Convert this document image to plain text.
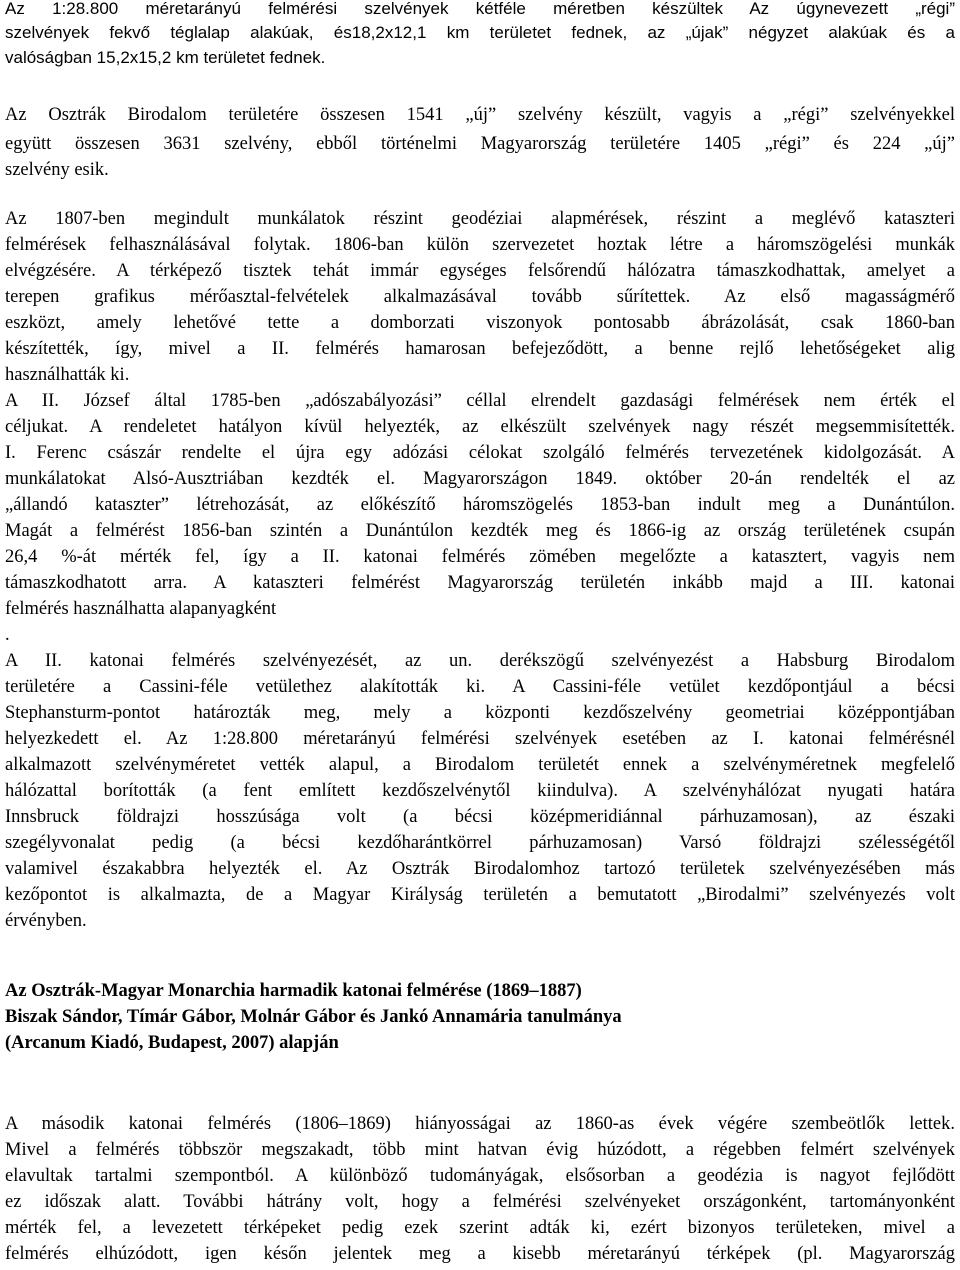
Az 1:28.800 méretarányú felmérési szelvények kétféle méretben készültek Az úgynevezett „régi”
szelvények fekvő téglalap alakúak, és18,2x12,1 km területet fednek, az „újak” négyzet alakúak és a
valóságban 15,2x15,2 km területet fednek.
Az Osztrák Birodalom területére összesen 1541 „új” szelvény készült, vagyis a „régi” szelvényekkel
együtt összesen 3631 szelvény, ebből történelmi Magyarország területére 1405 „régi” és 224 „új”
szelvény esik.
Az 1807-ben megindult munkálatok részint geodéziai alapmérések, részint a meglévő kataszteri
felmérések felhasználásával folytak. 1806-ban külön szervezetet hoztak létre a háromszögelési munkák
elvégzésére. A térképező tisztek tehát immár egységes felsőrendű hálózatra támaszkodhattak, amelyet a
terepen grafikus mérőasztal-felvételek alkalmazásával tovább sűrítettek. Az első magasságmérő
eszközt, amely lehetővé tette a domborzati viszonyok pontosabb ábrázolását, csak 1860-ban
készítették, így, mivel a II. felmérés hamarosan befejeződött, a benne rejlő lehetőségeket alig
használhatták ki.
A II. József által 1785-ben „adószabályozási” céllal elrendelt gazdasági felmérések nem érték el
céljukat. A rendeletet hatályon kívül helyezték, az elkészült szelvények nagy részét megsemmisítették.
I. Ferenc császár rendelte el újra egy adózási célokat szolgáló felmérés tervezetének kidolgozását. A
munkálatokat Alsó-Ausztriában kezdték el. Magyarországon 1849. október 20-án rendelték el az
„állandó kataszter” létrehozását, az előkészítő háromszögelés 1853-ban indult meg a Dunántúlon.
Magát a felmérést 1856-ban szintén a Dunántúlon kezdték meg és 1866-ig az ország területének csupán
26,4 %-át mérték fel, így a II. katonai felmérés zömében megelőzte a katasztert, vagyis nem
támaszkodhatott arra. A kataszteri felmérést Magyarország területén inkább majd a III. katonai
felmérés használhatta alapanyagként
.
A II. katonai felmérés szelvényezését, az un. derékszögű szelvényezést a Habsburg Birodalom
területére a Cassini-féle vetülethez alakították ki. A Cassini-féle vetület kezdőpontjául a bécsi
Stephansturm-pontot határozták meg, mely a központi kezdőszelvény geometriai középpontjában
helyezkedett el. Az 1:28.800 méretarányú felmérési szelvények esetében az I. katonai felmérésnél
alkalmazott szelvényméretet vették alapul, a Birodalom területét ennek a szelvényméretnek megfelelő
hálózattal borították (a fent említett kezdőszelvénytől kiindulva). A szelvényhálózat nyugati határa
Innsbruck földrajzi hosszúsága volt (a bécsi középmeridiánnal párhuzamosan), az északi
szegélyvonalat pedig (a bécsi kezdőharántkörrel párhuzamosan) Varsó földrajzi szélességétől
valamivel északabbra helyezték el. Az Osztrák Birodalomhoz tartozó területek szelvényezésében más
kezőpontot is alkalmazta, de a Magyar Királyság területén a bemutatott „Birodalmi” szelvényezés volt
érvényben.
Az Osztrák-Magyar Monarchia harmadik katonai felmérése (1869–1887)
Biszak Sándor, Tímár Gábor, Molnár Gábor és Jankó Annamária tanulmánya
(Arcanum Kiadó, Budapest, 2007) alapján
A második katonai felmérés (1806–1869) hiányosságai az 1860-as évek végére szembeötlők lettek.
Mivel a felmérés többször megszakadt, több mint hatvan évig húzódott, a régebben felmért szelvények
elavultak tartalmi szempontból. A különböző tudományágak, elsősorban a geodézia is nagyot fejlődött
ez időszak alatt. További hátrány volt, hogy a felmérési szelvényeket országonként, tartományonként
mérték fel, a levezetett térképeket pedig ezek szerint adták ki, ezért bizonyos területeken, mivel a
felmérés elhúzódott, igen későn jelentek meg a kisebb méretarányú térképek (pl. Magyarország
